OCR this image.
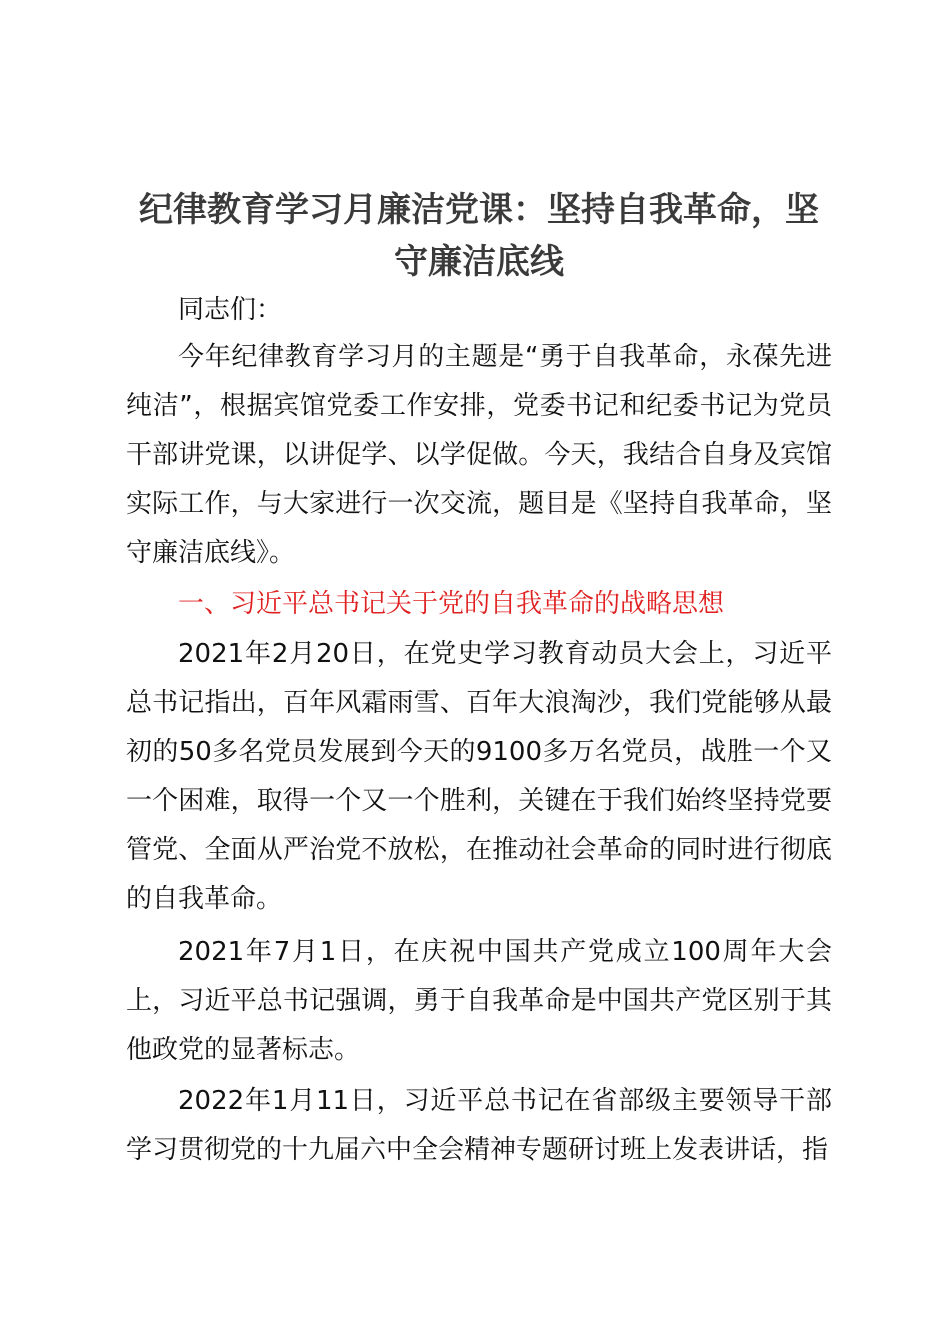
纪律教育学习月廉洁党课：坚持自我革命，坚守廉洁底线

同志们：

今年纪律教育学习月的主题是“勇于自我革命，永葆先进纯洁”，根据宾馆党委工作安排，党委书记和纪委书记为党员干部讲党课，以讲促学、以学促做。今天，我结合自身及宾馆实际工作，与大家进行一次交流，题目是《坚持自我革命，坚守廉洁底线》。

一、习近平总书记关于党的自我革命的战略思想

2021年2月20日，在党史学习教育动员大会上，习近平总书记指出，百年风霜雨雪、百年大浪淘沙，我们党能够从最初的50多名党员发展到今天的9100多万名党员，战胜一个又一个困难，取得一个又一个胜利，关键在于我们始终坚持党要管党、全面从严治党不放松，在推动社会革命的同时进行彻底的自我革命。

2021年7月1日，在庆祝中国共产党成立100周年大会上，习近平总书记强调，勇于自我革命是中国共产党区别于其他政党的显著标志。

2022年1月11日，习近平总书记在省部级主要领导干部学习贯彻党的十九届六中全会精神专题研讨班上发表讲话，指
